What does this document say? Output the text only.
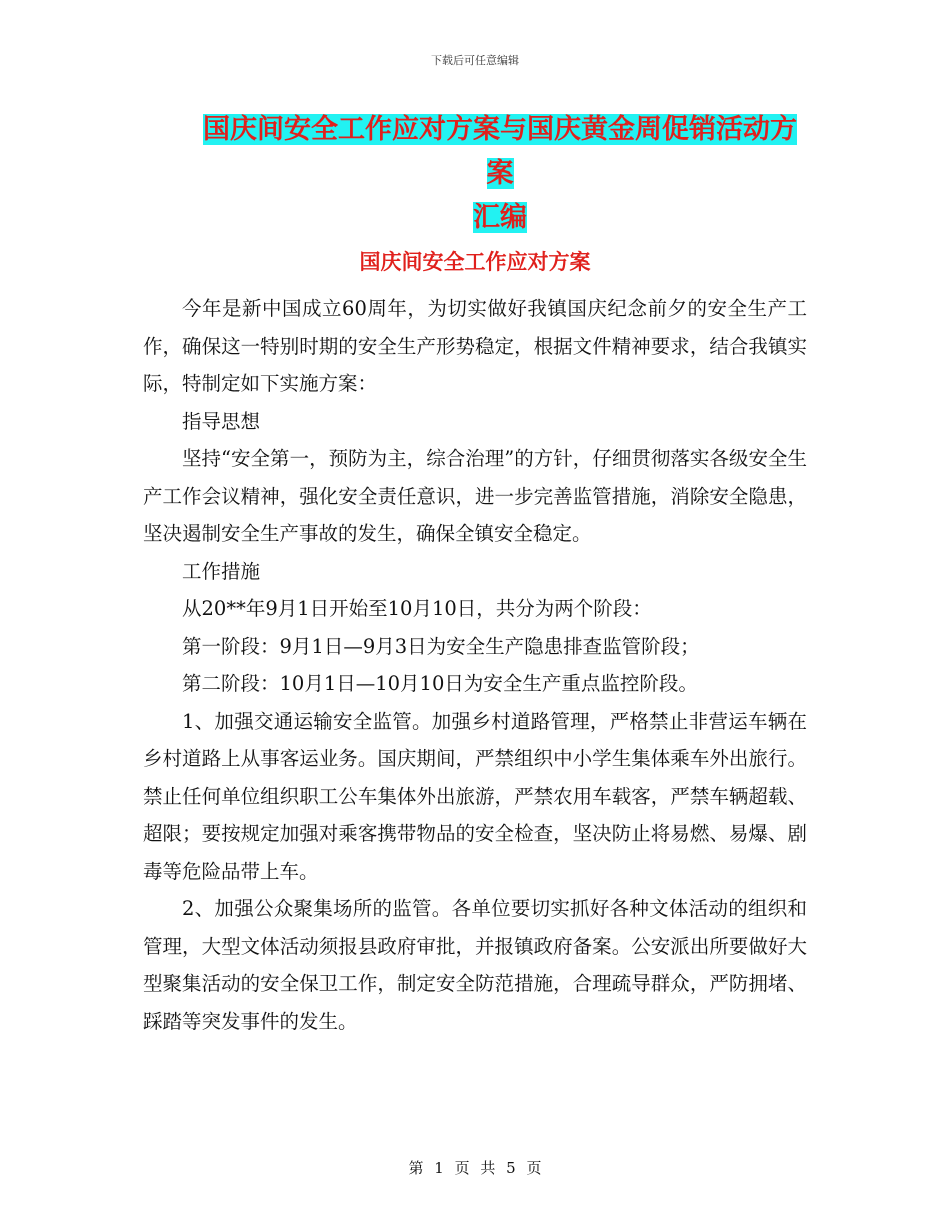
下载后可任意编辑
国庆间安全工作应对方案与国庆黄金周促销活动方案
汇编
国庆间安全工作应对方案

今年是新中国成立60周年，为切实做好我镇国庆纪念前夕的安全生产工作，确保这一特别时期的安全生产形势稳定，根据文件精神要求，结合我镇实际，特制定如下实施方案：

指导思想

坚持“安全第一，预防为主，综合治理”的方针，仔细贯彻落实各级安全生产工作会议精神，强化安全责任意识，进一步完善监管措施，消除安全隐患，坚决遏制安全生产事故的发生，确保全镇安全稳定。

工作措施

从20**年9月1日开始至10月10日，共分为两个阶段：

第一阶段：9月1日—9月3日为安全生产隐患排查监管阶段；

第二阶段：10月1日—10月10日为安全生产重点监控阶段。

1、加强交通运输安全监管。加强乡村道路管理，严格禁止非营运车辆在乡村道路上从事客运业务。国庆期间，严禁组织中小学生集体乘车外出旅行。禁止任何单位组织职工公车集体外出旅游，严禁农用车载客，严禁车辆超载、超限；要按规定加强对乘客携带物品的安全检查，坚决防止将易燃、易爆、剧毒等危险品带上车。

2、加强公众聚集场所的监管。各单位要切实抓好各种文体活动的组织和管理，大型文体活动须报县政府审批，并报镇政府备案。公安派出所要做好大型聚集活动的安全保卫工作，制定安全防范措施，合理疏导群众，严防拥堵、踩踏等突发事件的发生。

第 1 页 共 5 页
